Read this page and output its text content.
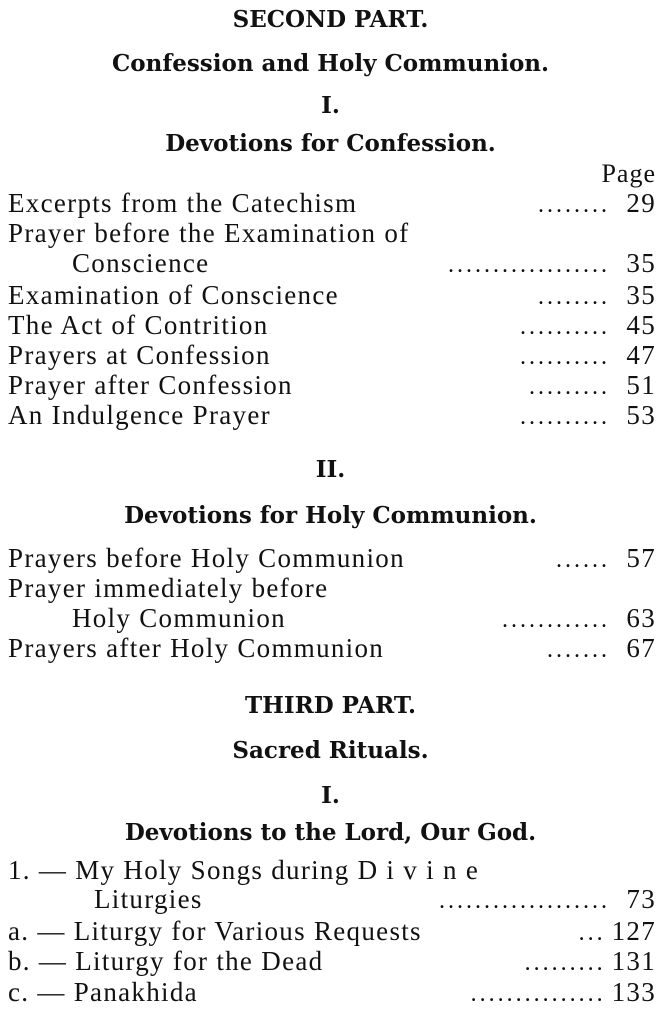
SECOND PART.
Confession and Holy Communion.
I.
Devotions for Confession.
Page
Excerpts from the Catechism	........ 29
Prayer before the Examination of
Conscience	.................. 35
Examination of Conscience	........ 35
The Act of Contrition	.......... 45
Prayers at Confession	.......... 47
Prayer after Confession	......... 51
An Indulgence Prayer	.......... 53
II.
Devotions for Holy Communion.
Prayers before Holy Communion	...... 57
Prayer immediately before
Holy Communion	............ 63
Prayers after Holy Communion	....... 67
THIRD PART.
Sacred Rituals.
I.
Devotions to the Lord, Our God.
1. — My Holy Songs during D i v i n e
Liturgies	................... 73
a. — Liturgy for Various Requests	... 127
b. — Liturgy for the Dead	......... 131
c. — Panakhida	............... 133
